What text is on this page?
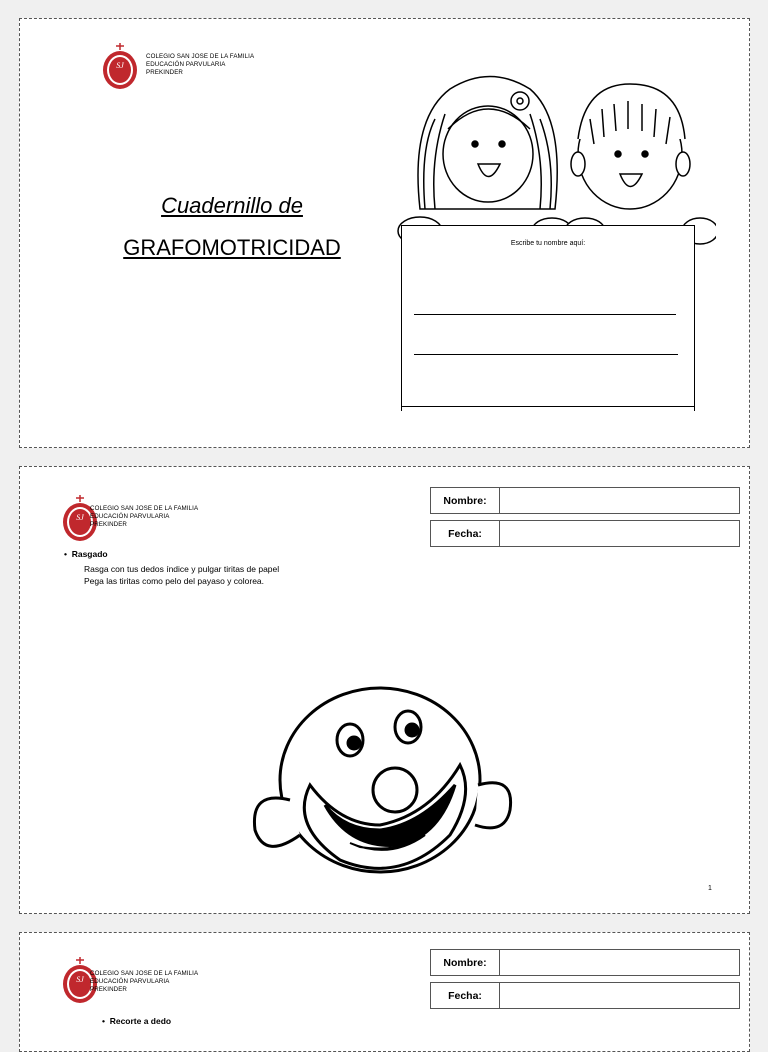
SJ
COLEGIO SAN JOSE DE LA FAMILIA
EDUCACIÓN PARVULARIA
PREKINDER
Cuadernillo de
GRAFOMOTRICIDAD	Escribe tu nombre aquí:
SJ
COLEGIO SAN JOSE DE LA FAMILIA
EDUCACIÓN PARVULARIA
PREKINDER
Nombre:
Fecha:
•  Rasgado
Rasga con tus dedos índice y pulgar tiritas de papel
Pega las tiritas como pelo del payaso y colorea.
1
SJ
COLEGIO SAN JOSE DE LA FAMILIA
EDUCACIÓN PARVULARIA
PREKINDER
Nombre:
Fecha:
•  Recorte a dedo
